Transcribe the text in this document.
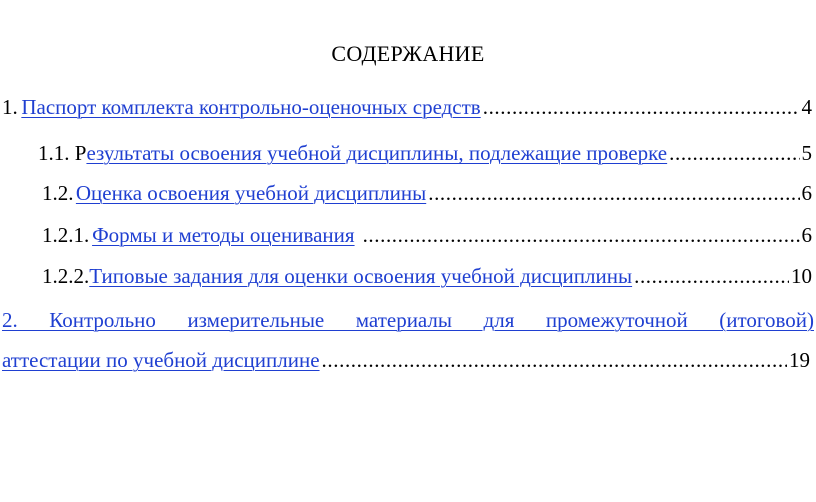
СОДЕРЖАНИЕ
1. Паспорт комплекта контрольно-оценочных средств .....	4
1.1. Р езультаты освоения учебной дисциплины, подлежащие проверке .....	5
1.2. Оценка освоения учебной дисциплины .....	6
1.2.1. Формы и методы оценивания .....	6
1.2.2. Типовые задания для оценки освоения учебной дисциплины .....	10
2. Контрольно измерительные материалы для промежуточной (итоговой)
аттестации по учебной дисциплине .....	19
